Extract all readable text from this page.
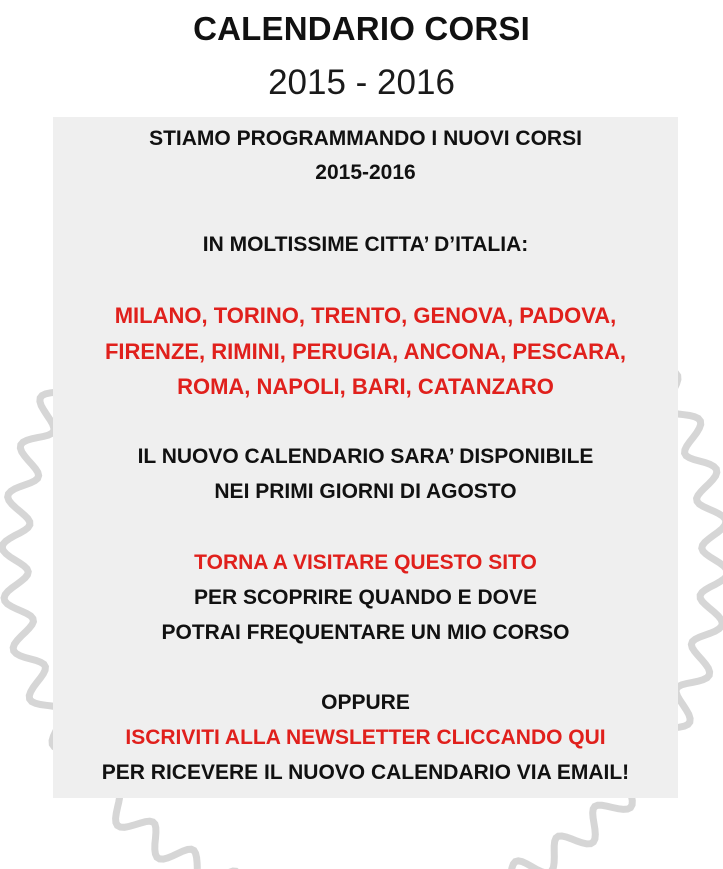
CALENDARIO CORSI
2015 - 2016
STIAMO PROGRAMMANDO I NUOVI CORSI
2015-2016
IN MOLTISSIME CITTA’ D’ITALIA:
MILANO, TORINO, TRENTO, GENOVA, PADOVA,
FIRENZE, RIMINI, PERUGIA, ANCONA, PESCARA,
ROMA, NAPOLI, BARI, CATANZARO
IL NUOVO CALENDARIO SARA’ DISPONIBILE
NEI PRIMI GIORNI DI AGOSTO
TORNA A VISITARE QUESTO SITO
PER SCOPRIRE QUANDO E DOVE
POTRAI FREQUENTARE UN MIO CORSO
OPPURE
ISCRIVITI ALLA NEWSLETTER CLICCANDO QUI
PER RICEVERE IL NUOVO CALENDARIO VIA EMAIL!
